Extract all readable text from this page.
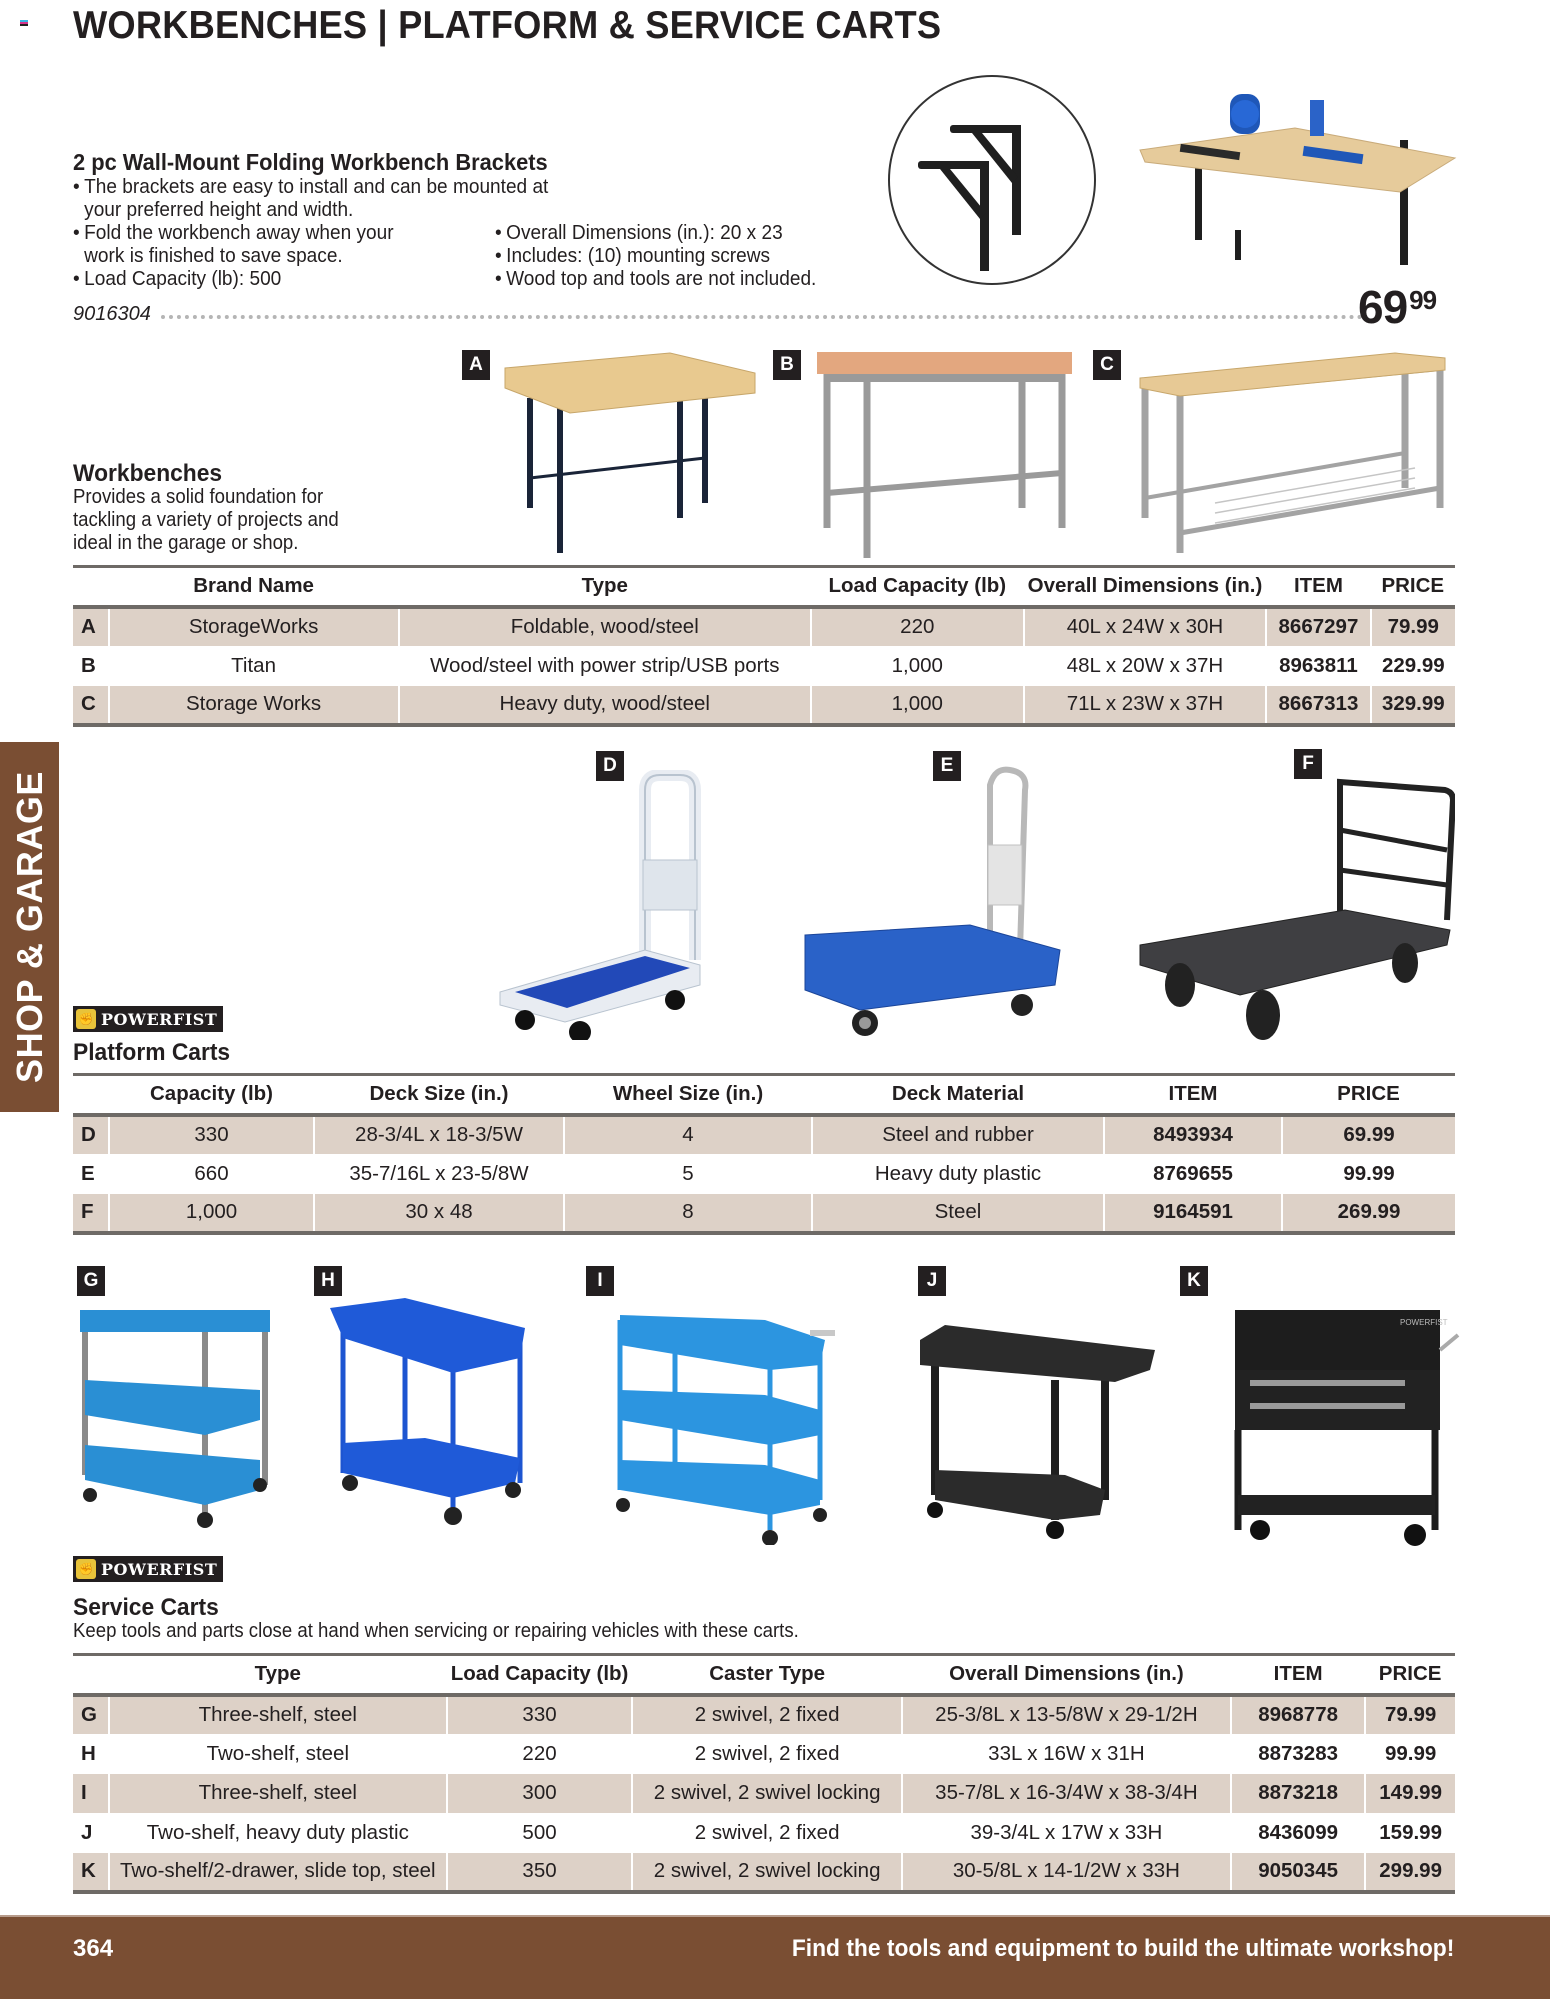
WORKBENCHES | PLATFORM & SERVICE CARTS
2 pc Wall-Mount Folding Workbench Brackets
• The brackets are easy to install and can be mounted at your preferred height and width.
• Fold the workbench away when your work is finished to save space.
• Load Capacity (lb): 500
• Overall Dimensions (in.): 20 x 23
• Includes: (10) mounting screws
• Wood top and tools are not included.
9016304	$69^{99}$
A	B	C
Workbenches
Provides a solid foundation for tackling a variety of projects and ideal in the garage or shop.
	Brand Name	Type	Load Capacity (lb)	Overall Dimensions (in.)	ITEM	PRICE
A	StorageWorks	Foldable, wood/steel	220	40L x 24W x 30H	8667297	79.99
B	Titan	Wood/steel with power strip/USB ports	1,000	48L x 20W x 37H	8963811	229.99
C	Storage Works	Heavy duty, wood/steel	1,000	71L x 23W x 37H	8667313	329.99
SHOP & GARAGE
D	E	F
✊ POWERFIST
Platform Carts
	Capacity (lb)	Deck Size (in.)	Wheel Size (in.)	Deck Material	ITEM	PRICE
D	330	28-3/4L x 18-3/5W	4	Steel and rubber	8493934	69.99
E	660	35-7/16L x 23-5/8W	5	Heavy duty plastic	8769655	99.99
F	1,000	30 x 48	8	Steel	9164591	269.99
G	H	I	J	K
POWERFIST
✊ POWERFIST
Service Carts
Keep tools and parts close at hand when servicing or repairing vehicles with these carts.
	Type	Load Capacity (lb)	Caster Type	Overall Dimensions (in.)	ITEM	PRICE
G	Three-shelf, steel	330	2 swivel, 2 fixed	25-3/8L x 13-5/8W x 29-1/2H	8968778	79.99
H	Two-shelf, steel	220	2 swivel, 2 fixed	33L x 16W x 31H	8873283	99.99
I	Three-shelf, steel	300	2 swivel, 2 swivel locking	35-7/8L x 16-3/4W x 38-3/4H	8873218	149.99
J	Two-shelf, heavy duty plastic	500	2 swivel, 2 fixed	39-3/4L x 17W x 33H	8436099	159.99
K	Two-shelf/2-drawer, slide top, steel	350	2 swivel, 2 swivel locking	30-5/8L x 14-1/2W x 33H	9050345	299.99
364	Find the tools and equipment to build the ultimate workshop!
